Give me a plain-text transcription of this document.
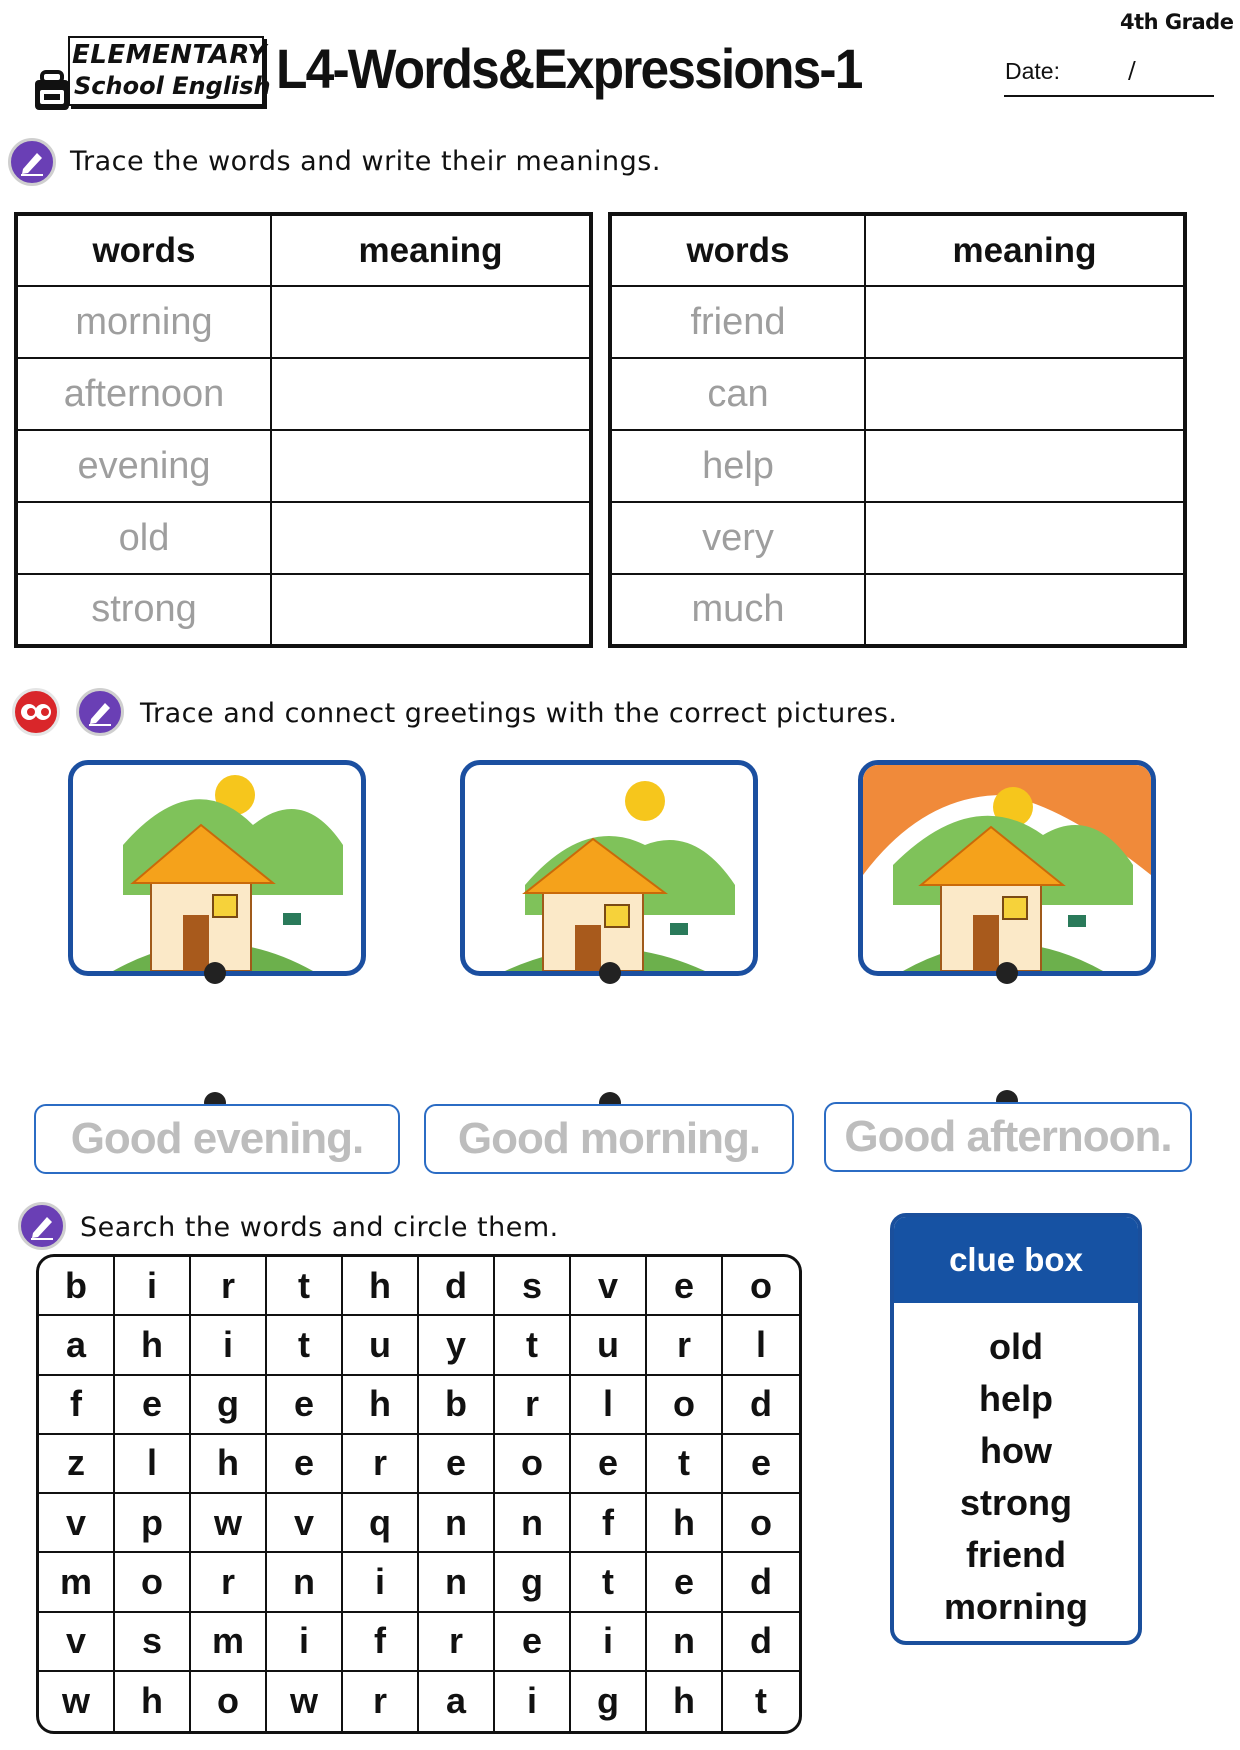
4th Grade
ELEMENTARY
School English L4-Words&Expressions-1	Date:	/
Trace the words and write their meanings.
words	meaning
morning	
afternoon	
evening	
old	
strong	
words	meaning
friend	
can	
help	
very	
much	
Trace and connect greetings with the correct pictures.
Good evening.	Good morning.	Good afternoon.
Search the words and circle them.
b	i	r	t	h	d	s	v	e	o
a	h	i	t	u	y	t	u	r	l
f	e	g	e	h	b	r	l	o	d
z	l	h	e	r	e	o	e	t	e
v	p	w	v	q	n	n	f	h	o
m	o	r	n	i	n	g	t	e	d
v	s	m	i	f	r	e	i	n	d
w	h	o	w	r	a	i	g	h	t
clue box
old
help
how
strong
friend
morning
